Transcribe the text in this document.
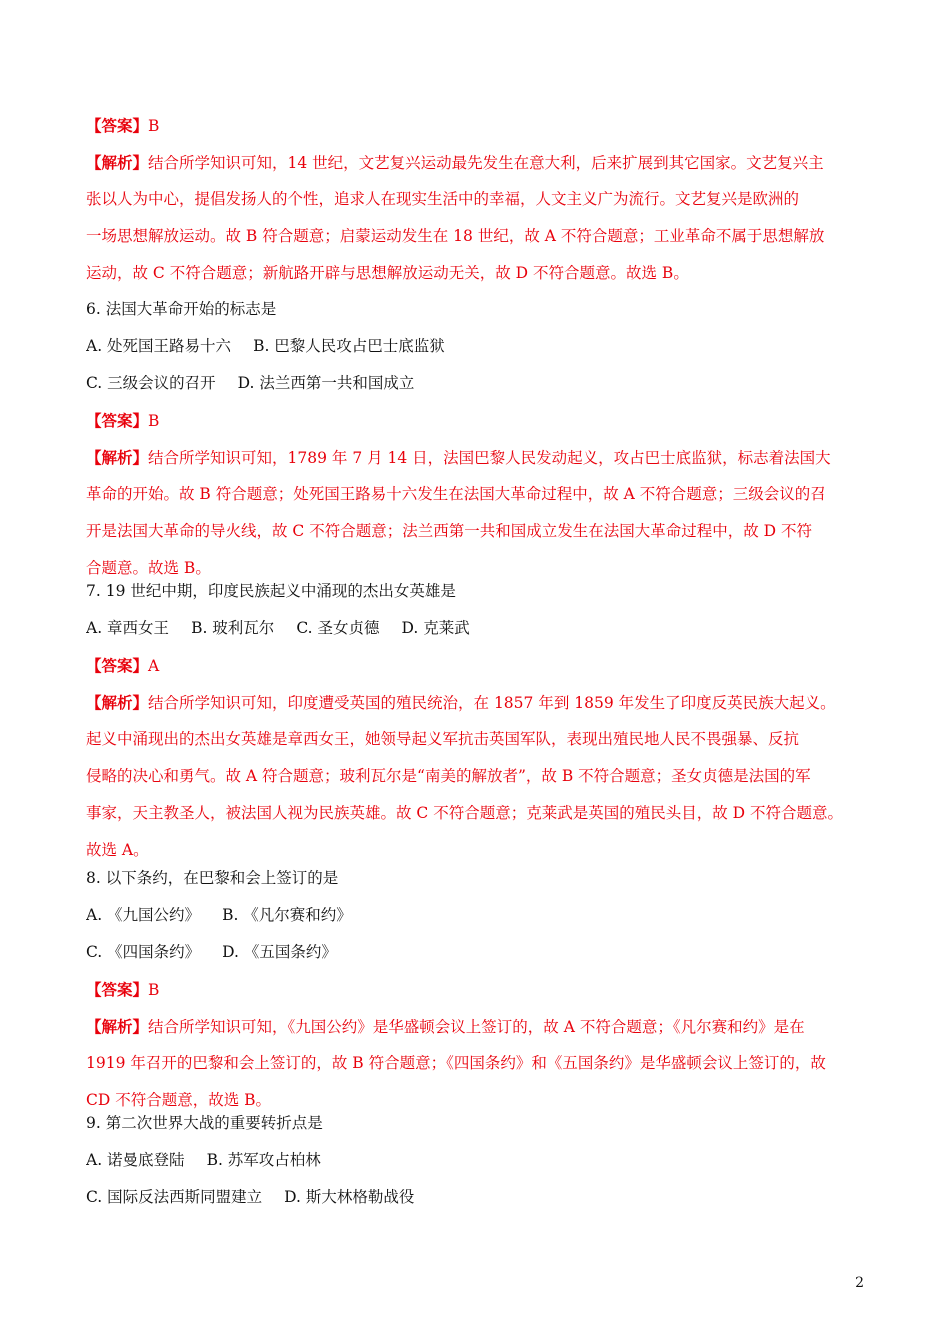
【答案】B
【解析】结合所学知识可知，14 世纪，文艺复兴运动最先发生在意大利，后来扩展到其它国家。文艺复兴主
张以人为中心，提倡发扬人的个性，追求人在现实生活中的幸福，人文主义广为流行。文艺复兴是欧洲的
一场思想解放运动。故 B 符合题意；启蒙运动发生在 18 世纪，故 A 不符合题意；工业革命不属于思想解放
运动，故 C 不符合题意；新航路开辟与思想解放运动无关，故 D 不符合题意。故选 B。
6. 法国大革命开始的标志是
A. 处死国王路易十六 B. 巴黎人民攻占巴士底监狱
C. 三级会议的召开 D. 法兰西第一共和国成立
【答案】B
【解析】结合所学知识可知，1789 年 7 月 14 日，法国巴黎人民发动起义，攻占巴士底监狱，标志着法国大
革命的开始。故 B 符合题意；处死国王路易十六发生在法国大革命过程中，故 A 不符合题意；三级会议的召
开是法国大革命的导火线，故 C 不符合题意；法兰西第一共和国成立发生在法国大革命过程中，故 D 不符
合题意。故选 B。
7. 19 世纪中期，印度民族起义中涌现的杰出女英雄是
A. 章西女王 B. 玻利瓦尔 C. 圣女贞德 D. 克莱武
【答案】A
【解析】结合所学知识可知，印度遭受英国的殖民统治，在 1857 年到 1859 年发生了印度反英民族大起义。
起义中涌现出的杰出女英雄是章西女王，她领导起义军抗击英国军队，表现出殖民地人民不畏强暴、反抗
侵略的决心和勇气。故 A 符合题意；玻利瓦尔是“南美的解放者”，故 B 不符合题意；圣女贞德是法国的军
事家，天主教圣人，被法国人视为民族英雄。故 C 不符合题意；克莱武是英国的殖民头目，故 D 不符合题意。
故选 A。
8. 以下条约，在巴黎和会上签订的是
A. 《九国公约》 B. 《凡尔赛和约》
C. 《四国条约》 D. 《五国条约》
【答案】B
【解析】结合所学知识可知，《九国公约》是华盛顿会议上签订的，故 A 不符合题意；《凡尔赛和约》是在
1919 年召开的巴黎和会上签订的，故 B 符合题意；《四国条约》和《五国条约》是华盛顿会议上签订的，故
CD 不符合题意，故选 B。
9. 第二次世界大战的重要转折点是
A. 诺曼底登陆 B. 苏军攻占柏林
C. 国际反法西斯同盟建立 D. 斯大林格勒战役
2
